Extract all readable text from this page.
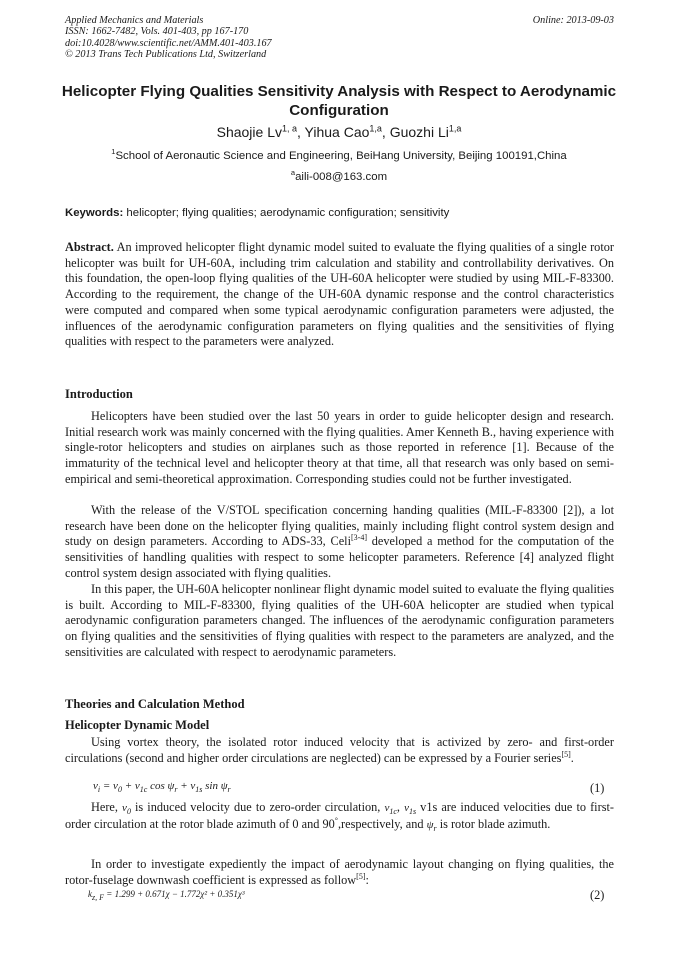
Applied Mechanics and Materials
ISSN: 1662-7482, Vols. 401-403, pp 167-170
doi:10.4028/www.scientific.net/AMM.401-403.167
© 2013 Trans Tech Publications Ltd, Switzerland
Online: 2013-09-03
Helicopter Flying Qualities Sensitivity Analysis with Respect to Aerodynamic Configuration
Shaojie Lv$^{1, a}$, Yihua Cao$^{1,a}$, Guozhi Li$^{1,a}$
$^1$School of Aeronautic Science and Engineering, BeiHang University, Beijing 100191,China
$^a$aili-008@163.com
Keywords: helicopter; flying qualities; aerodynamic configuration; sensitivity
Abstract. An improved helicopter flight dynamic model suited to evaluate the flying qualities of a single rotor helicopter was built for UH-60A, including trim calculation and stability and controllability derivatives. On this foundation, the open-loop flying qualities of the UH-60A helicopter were studied by using MIL-F-83300. According to the requirement, the change of the UH-60A dynamic response and the control characteristics were computed and compared when some typical aerodynamic configuration parameters were adjusted, the influences of the aerodynamic configuration parameters on flying qualities and the sensitivities of flying qualities with respect to the parameters were analyzed.
Introduction
Helicopters have been studied over the last 50 years in order to guide helicopter design and research. Initial research work was mainly concerned with the flying qualities. Amer Kenneth B., having experience with single-rotor helicopters and studies on airplanes such as those reported in reference [1]. Because of the immaturity of the technical level and helicopter theory at that time, all that research was only based on semi-empirical and semi-theoretical approximation. Corresponding studies could not be further investigated.
With the release of the V/STOL specification concerning handing qualities (MIL-F-83300 [2]), a lot research have been done on the helicopter flying qualities, mainly including flight control system design and study on design parameters. According to ADS-33, Celi[3-4] developed a method for the computation of the sensitivities of handling qualities with respect to some helicopter parameters. Reference [4] analyzed flight control system design associated with flying qualities.
In this paper, the UH-60A helicopter nonlinear flight dynamic model suited to evaluate the flying qualities is built. According to MIL-F-83300, flying qualities of the UH-60A helicopter are studied when typical aerodynamic configuration parameters changed. The influences of the aerodynamic configuration parameters on flying qualities and the sensitivities of flying qualities with respect to the parameters are analyzed, and the sensitivities are calculated with respect to aerodynamic parameters.
Theories and Calculation Method
Helicopter Dynamic Model
Using vortex theory, the isolated rotor induced velocity that is activized by zero- and first-order circulations (second and higher order circulations are neglected) can be expressed by a Fourier series[5].
$v_i = v_0 + v_{1c}$ $\cos \psi_r + v_{1s}$ $\sin \psi_r$	(1)
Here, $v_0$ is induced velocity due to zero-order circulation, $v_{1c}$, $v_{1s}$ v1s are induced velocities due to first-order circulation at the rotor blade azimuth of 0 and 90°,respectively, and $\psi_r$ is rotor blade azimuth.
In order to investigate expediently the impact of aerodynamic layout changing on flying qualities, the rotor-fuselage downwash coefficient is expressed as follow[5]:
$k_{z, F} = 1.299 + 0.671\chi - 1.772\chi^2 + 0.351\chi^3$	(2)
